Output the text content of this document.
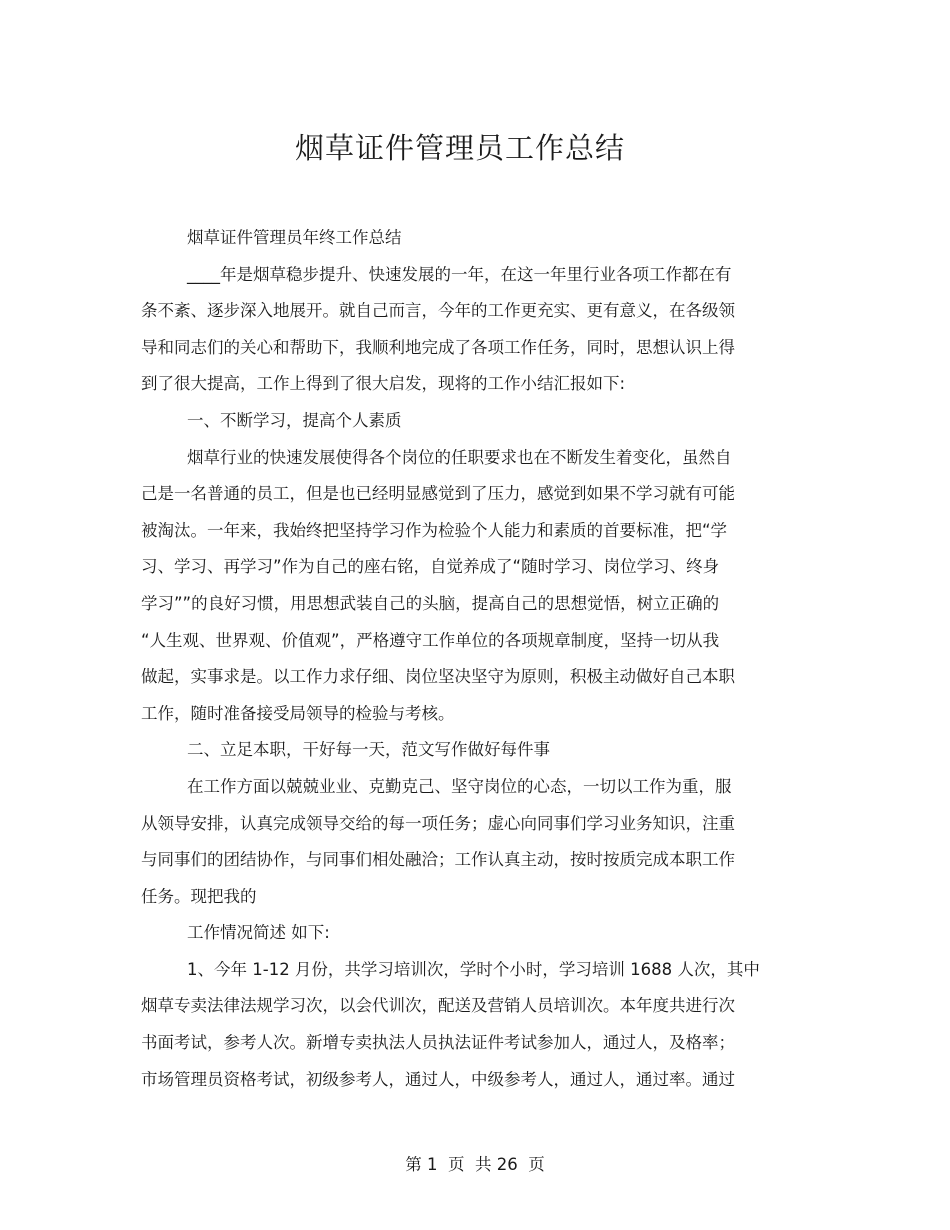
烟草证件管理员工作总结

烟草证件管理员年终工作总结

____年是烟草稳步提升、快速发展的一年，在这一年里行业各项工作都在有

条不紊、逐步深入地展开。就自己而言，今年的工作更充实、更有意义，在各级领

导和同志们的关心和帮助下，我顺利地完成了各项工作任务，同时，思想认识上得

到了很大提高，工作上得到了很大启发，现将的工作小结汇报如下:

一、不断学习，提高个人素质

烟草行业的快速发展使得各个岗位的任职要求也在不断发生着变化，虽然自

己是一名普通的员工，但是也已经明显感觉到了压力，感觉到如果不学习就有可能

被淘汰。一年来，我始终把坚持学习作为检验个人能力和素质的首要标准，把“学

习、学习、再学习”作为自己的座右铭，自觉养成了“随时学习、岗位学习、终身

学习””的良好习惯，用思想武装自己的头脑，提高自己的思想觉悟，树立正确的

“人生观、世界观、价值观”，严格遵守工作单位的各项规章制度，坚持一切从我

做起，实事求是。以工作力求仔细、岗位坚决坚守为原则，积极主动做好自己本职

工作，随时准备接受局领导的检验与考核。

二、立足本职，干好每一天，范文写作做好每件事

在工作方面以兢兢业业、克勤克己、坚守岗位的心态，一切以工作为重，服

从领导安排，认真完成领导交给的每一项任务；虚心向同事们学习业务知识，注重

与同事们的团结协作，与同事们相处融洽；工作认真主动，按时按质完成本职工作

任务。现把我的

工作情况简述 如下:

1、今年 1-12 月份，共学习培训次，学时个小时，学习培训 1688 人次，其中

烟草专卖法律法规学习次，以会代训次，配送及营销人员培训次。本年度共进行次

书面考试，参考人次。新增专卖执法人员执法证件考试参加人，通过人，及格率；

市场管理员资格考试，初级参考人，通过人，中级参考人，通过人，通过率。通过

第 1  页  共 26  页
